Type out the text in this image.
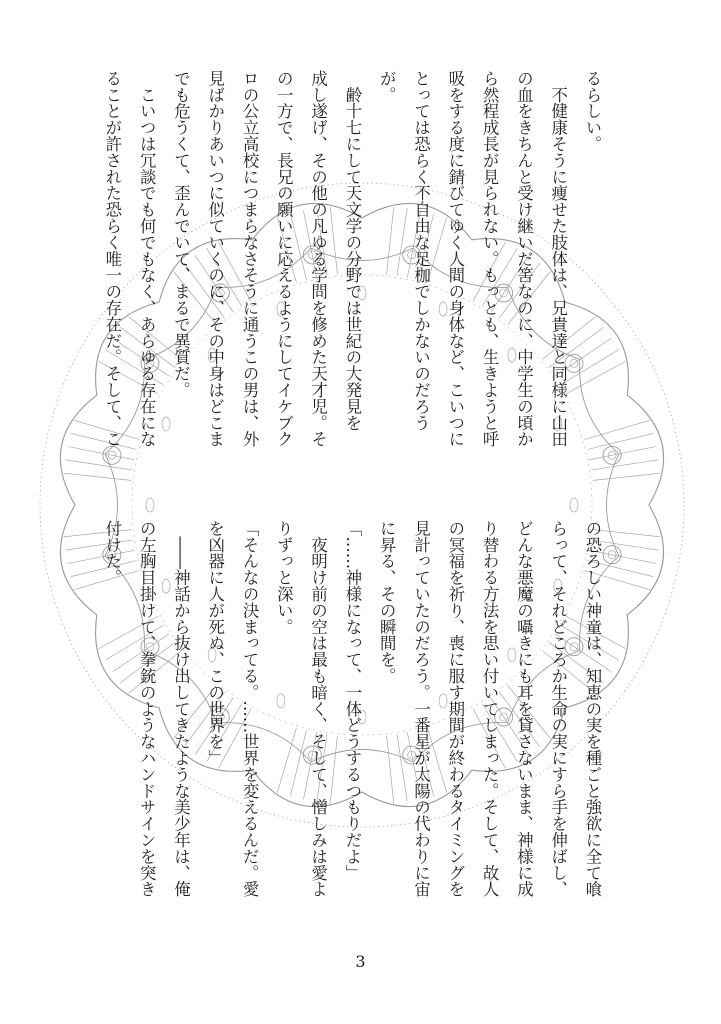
るらしい。
　不健康そうに痩せた肢体は、兄貴達と同様に山田
の血をきちんと受け継いだ筈なのに、中学生の頃か
ら然程成長が見られない。もっとも、生きようと呼
吸をする度に錆びてゆく人間の身体など、こいつに
とっては恐らく不自由な足枷でしかないのだろう
が。
　齢十七にして天文学の分野では世紀の大発見を
成し遂げ、その他の凡ゆる学問を修めた天才児。そ
の一方で、長兄の願いに応えるようにしてイケブク
ロの公立高校につまらなさそうに通うこの男は、外
見ばかりあいつに似ていくのに、その中身はどこま
でも危うくて、歪んでいて、まるで異質だ。
　こいつは冗談でも何でもなく、あらゆる存在にな
ることが許された恐らく唯一の存在だ。そして、こ
の恐ろしい神童は、知恵の実を種ごと強欲に全て喰
らって、それどころか生命の実にすら手を伸ばし、
どんな悪魔の囁きにも耳を貸さないまま、神様に成
り替わる方法を思い付いてしまった。そして、故人
の冥福を祈り、喪に服す期間が終わるタイミングを
見計っていたのだろう。一番星が太陽の代わりに宙
に昇る、その瞬間を。
「……神様になって、一体どうするつもりだよ」
　夜明け前の空は最も暗く、そして、憎しみは愛よ
りずっと深い。
「そんなの決まってる。……世界を変えるんだ。愛
を凶器に人が死ぬ、この世界を」
　――神話から抜け出してきたような美少年は、俺
の左胸目掛けて、拳銃のようなハンドサインを突き
付けた。
3
